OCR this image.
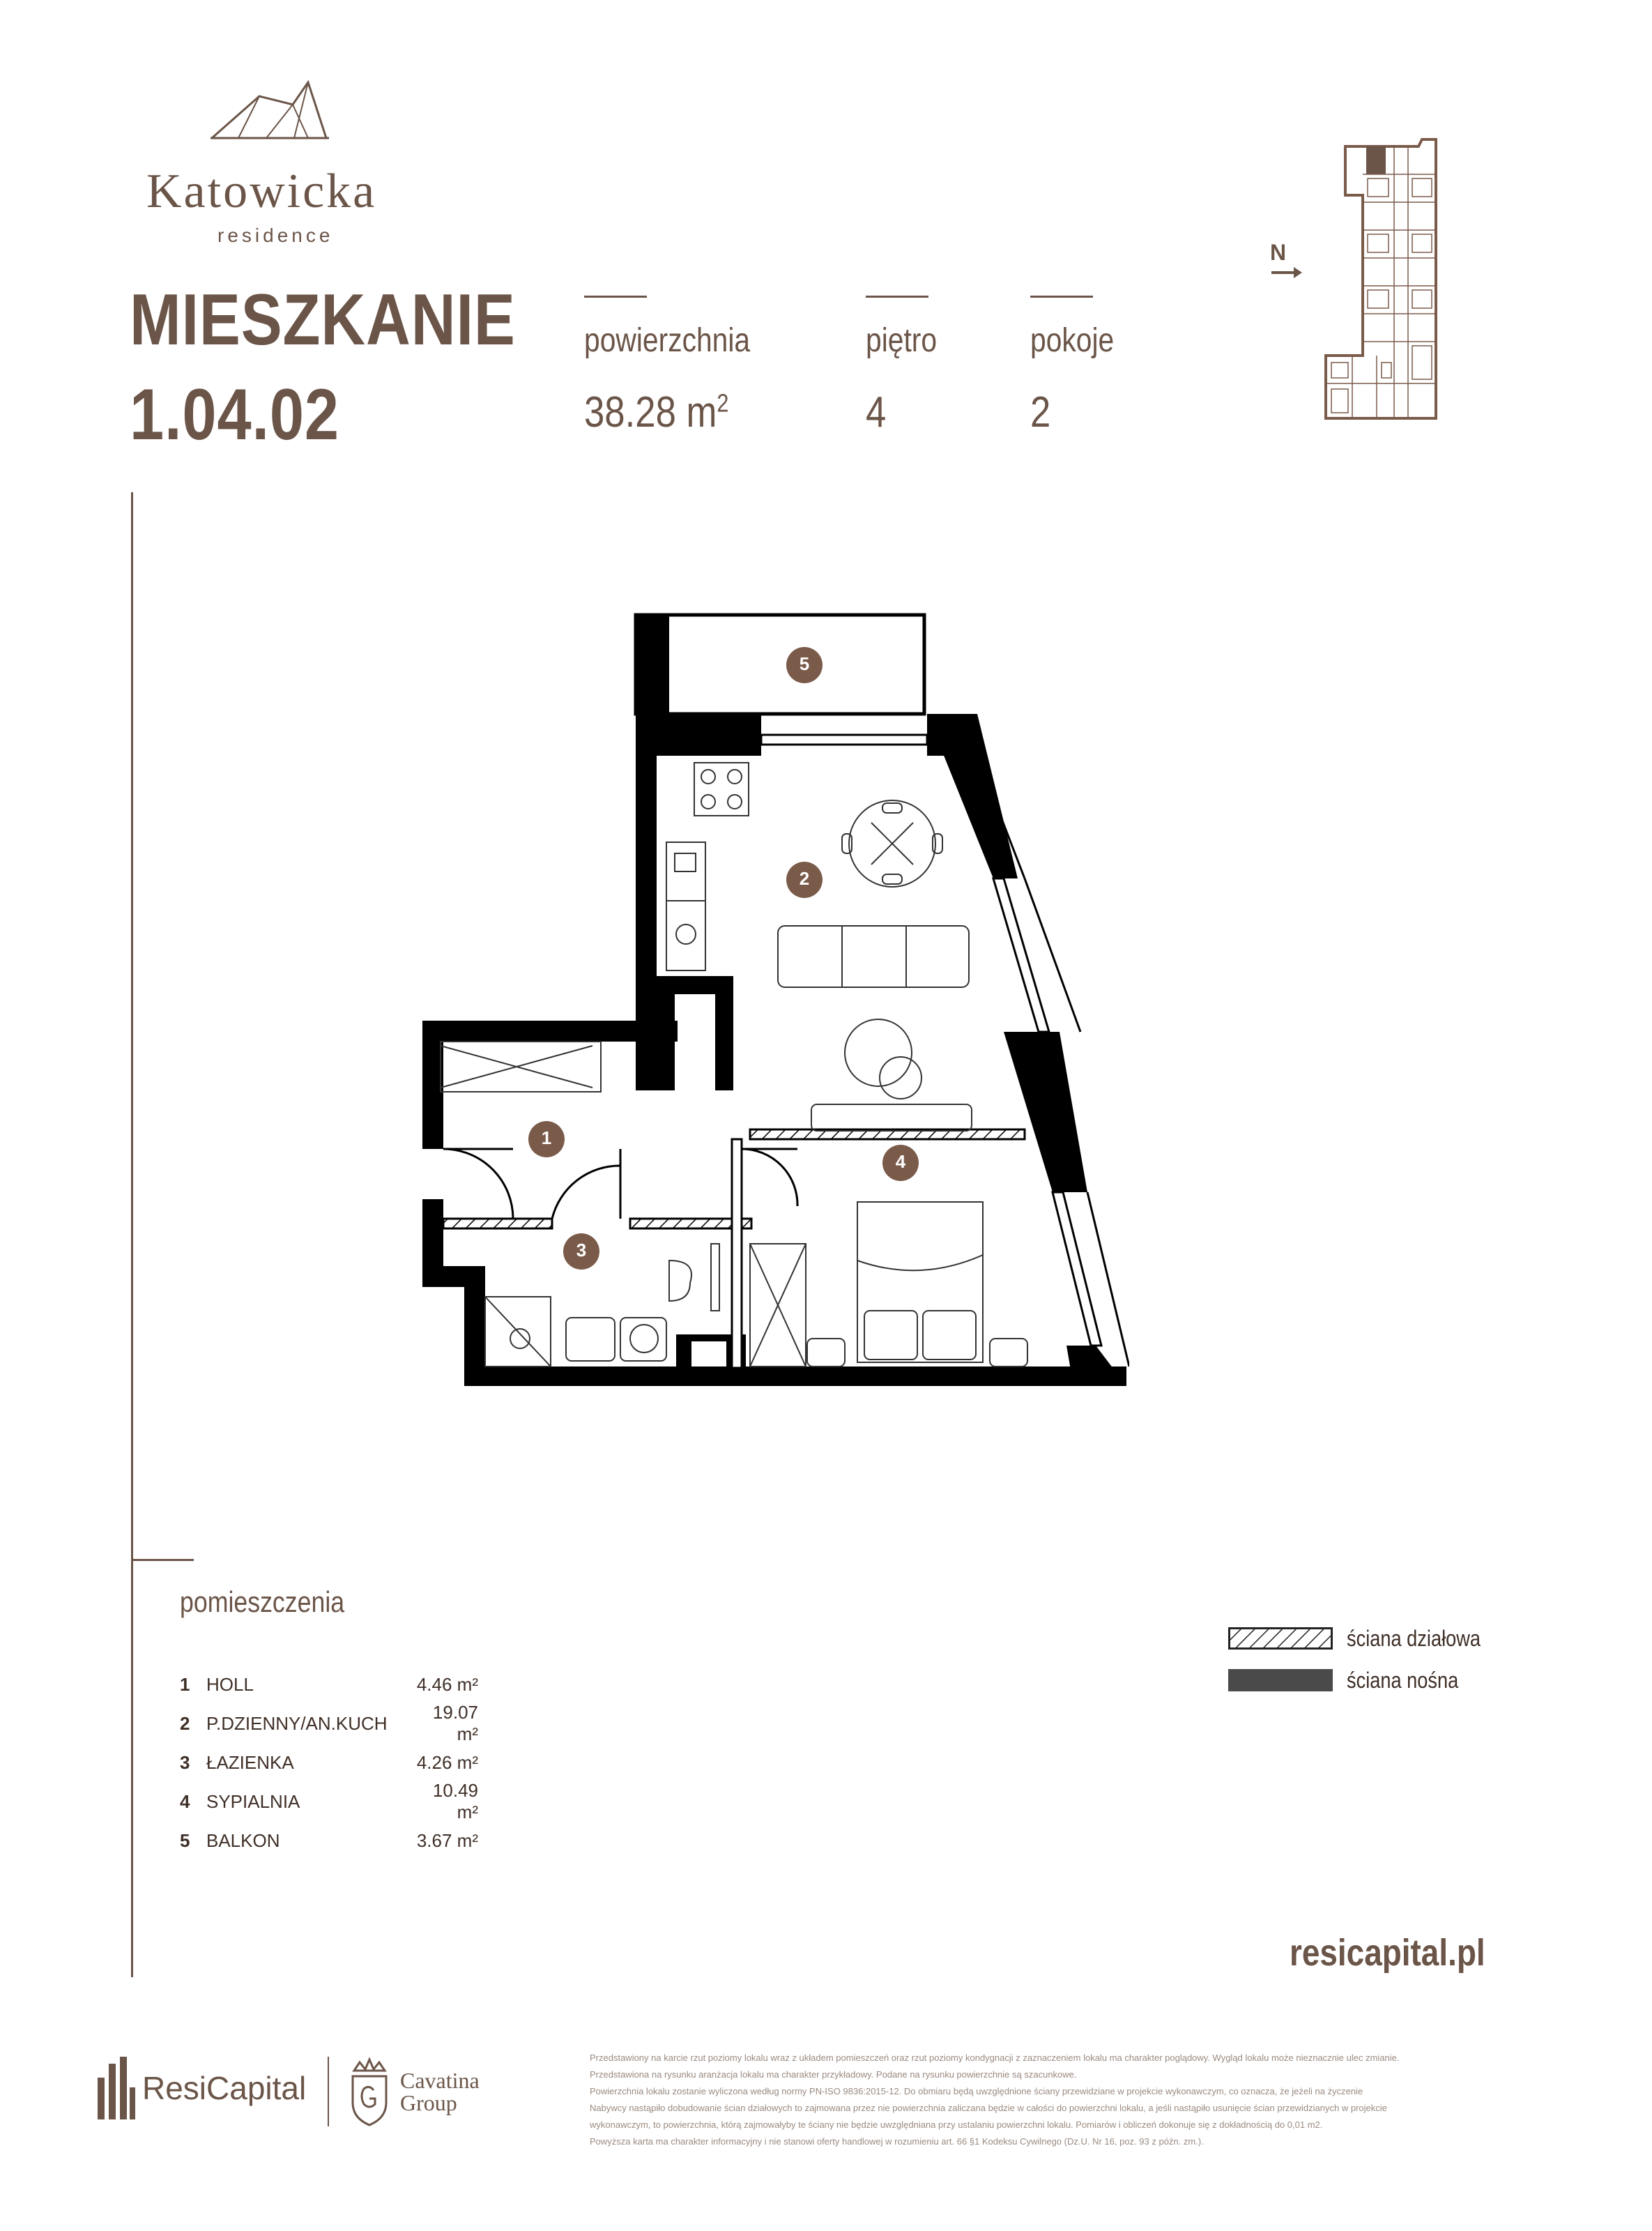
Katowicka
residence
MIESZKANIE
1.04.02
powierzchnia
38.28 $m^2$
piętro
4
pokoje
2
N
5
2
1
4
3
pomieszczenia
1 HOLL	4.46 m²
2 P.DZIENNY/AN.KUCH
19.07 m²
3 ŁAZIENKA	4.26 m²
4 SYPIALNIA
10.49 m²
5 BALKON	3.67 m²
ściana działowa
ściana nośna
resicapital.pl
ResiCapital	Cavatina
Group
Przedstawiony na karcie rzut poziomy lokalu wraz z układem pomieszczeń oraz rzut poziomy kondygnacji z zaznaczeniem lokalu ma charakter poglądowy. Wygląd lokalu może nieznacznie ulec zmianie.
Przedstawiona na rysunku aranżacja lokalu ma charakter przykładowy. Podane na rysunku powierzchnie są szacunkowe.
Powierzchnia lokalu zostanie wyliczona według normy PN-ISO 9836:2015-12. Do obmiaru będą uwzględnione ściany przewidziane w projekcie wykonawczym, co oznacza, że jeżeli na życzenie
Nabywcy nastąpiło dobudowanie ścian działowych to zajmowana przez nie powierzchnia zaliczana będzie w całości do powierzchni lokalu, a jeśli nastąpiło usunięcie ścian przewidzianych w projekcie
wykonawczym, to powierzchnia, którą zajmowałyby te ściany nie będzie uwzględniana przy ustalaniu powierzchni lokalu. Pomiarów i obliczeń dokonuje się z dokładnością do 0,01 m2.
Powyższa karta ma charakter informacyjny i nie stanowi oferty handlowej w rozumieniu art. 66 §1 Kodeksu Cywilnego (Dz.U. Nr 16, poz. 93 z późn. zm.).
